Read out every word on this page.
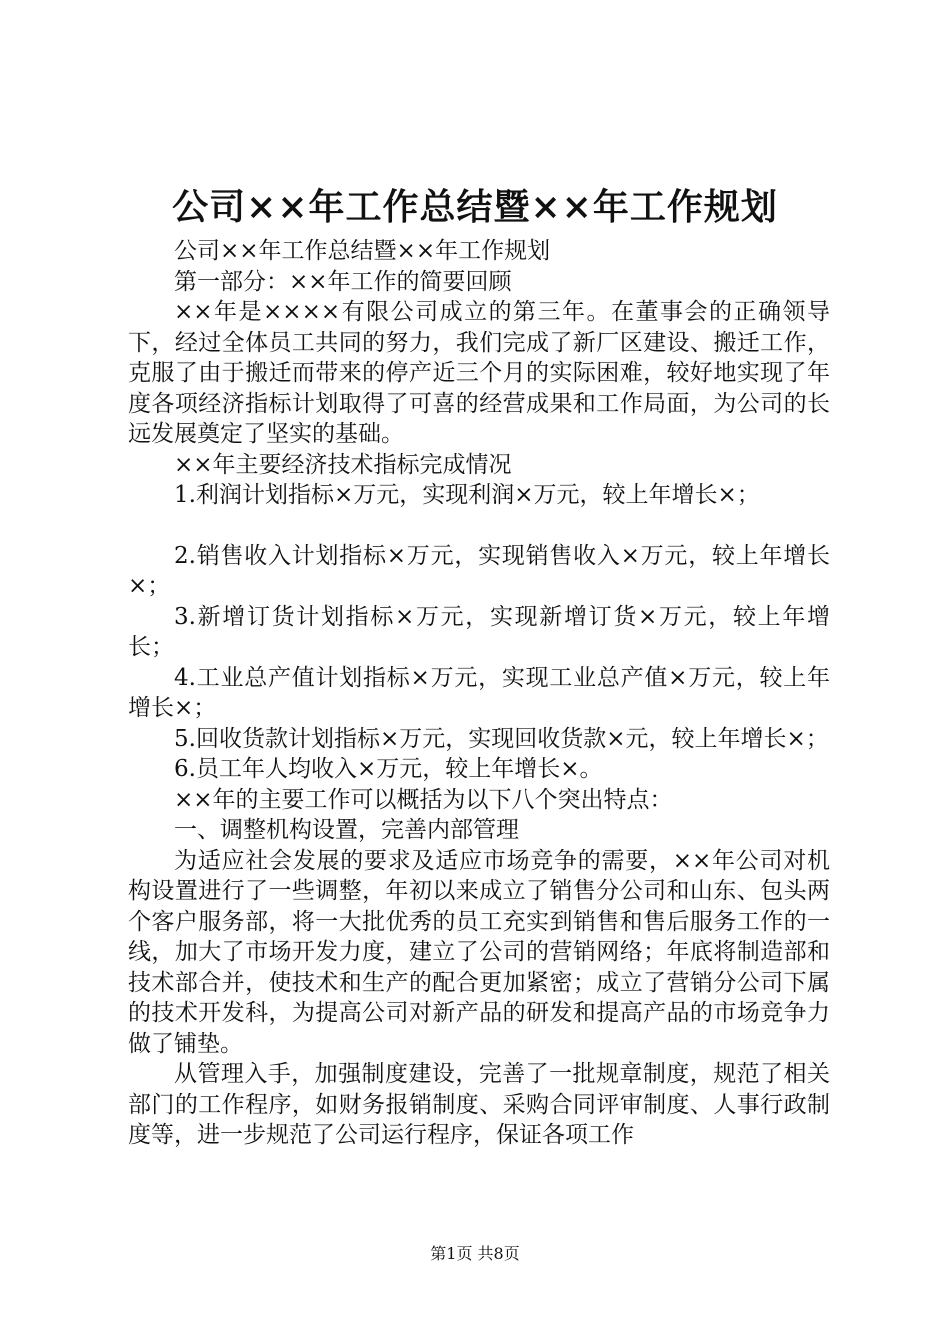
公司××年工作总结暨××年工作规划

公司××年工作总结暨××年工作规划

第一部分：××年工作的简要回顾

××年是××××有限公司成立的第三年。在董事会的正确领导下，经过全体员工共同的努力，我们完成了新厂区建设、搬迁工作，克服了由于搬迁而带来的停产近三个月的实际困难，较好地实现了年度各项经济指标计划取得了可喜的经营成果和工作局面，为公司的长远发展奠定了坚实的基础。

××年主要经济技术指标完成情况

1.利润计划指标×万元，实现利润×万元，较上年增长×；

2.销售收入计划指标×万元，实现销售收入×万元，较上年增长×；

3.新增订货计划指标×万元，实现新增订货×万元，较上年增长；

4.工业总产值计划指标×万元，实现工业总产值×万元，较上年增长×；

5.回收货款计划指标×万元，实现回收货款×元，较上年增长×；

6.员工年人均收入×万元，较上年增长×。

××年的主要工作可以概括为以下八个突出特点：

一、调整机构设置，完善内部管理

为适应社会发展的要求及适应市场竞争的需要，××年公司对机构设置进行了一些调整，年初以来成立了销售分公司和山东、包头两个客户服务部，将一大批优秀的员工充实到销售和售后服务工作的一线，加大了市场开发力度，建立了公司的营销网络；年底将制造部和技术部合并，使技术和生产的配合更加紧密；成立了营销分公司下属的技术开发科，为提高公司对新产品的研发和提高产品的市场竞争力做了铺垫。

从管理入手，加强制度建设，完善了一批规章制度，规范了相关部门的工作程序，如财务报销制度、采购合同评审制度、人事行政制度等，进一步规范了公司运行程序，保证各项工作

第1页 共8页
